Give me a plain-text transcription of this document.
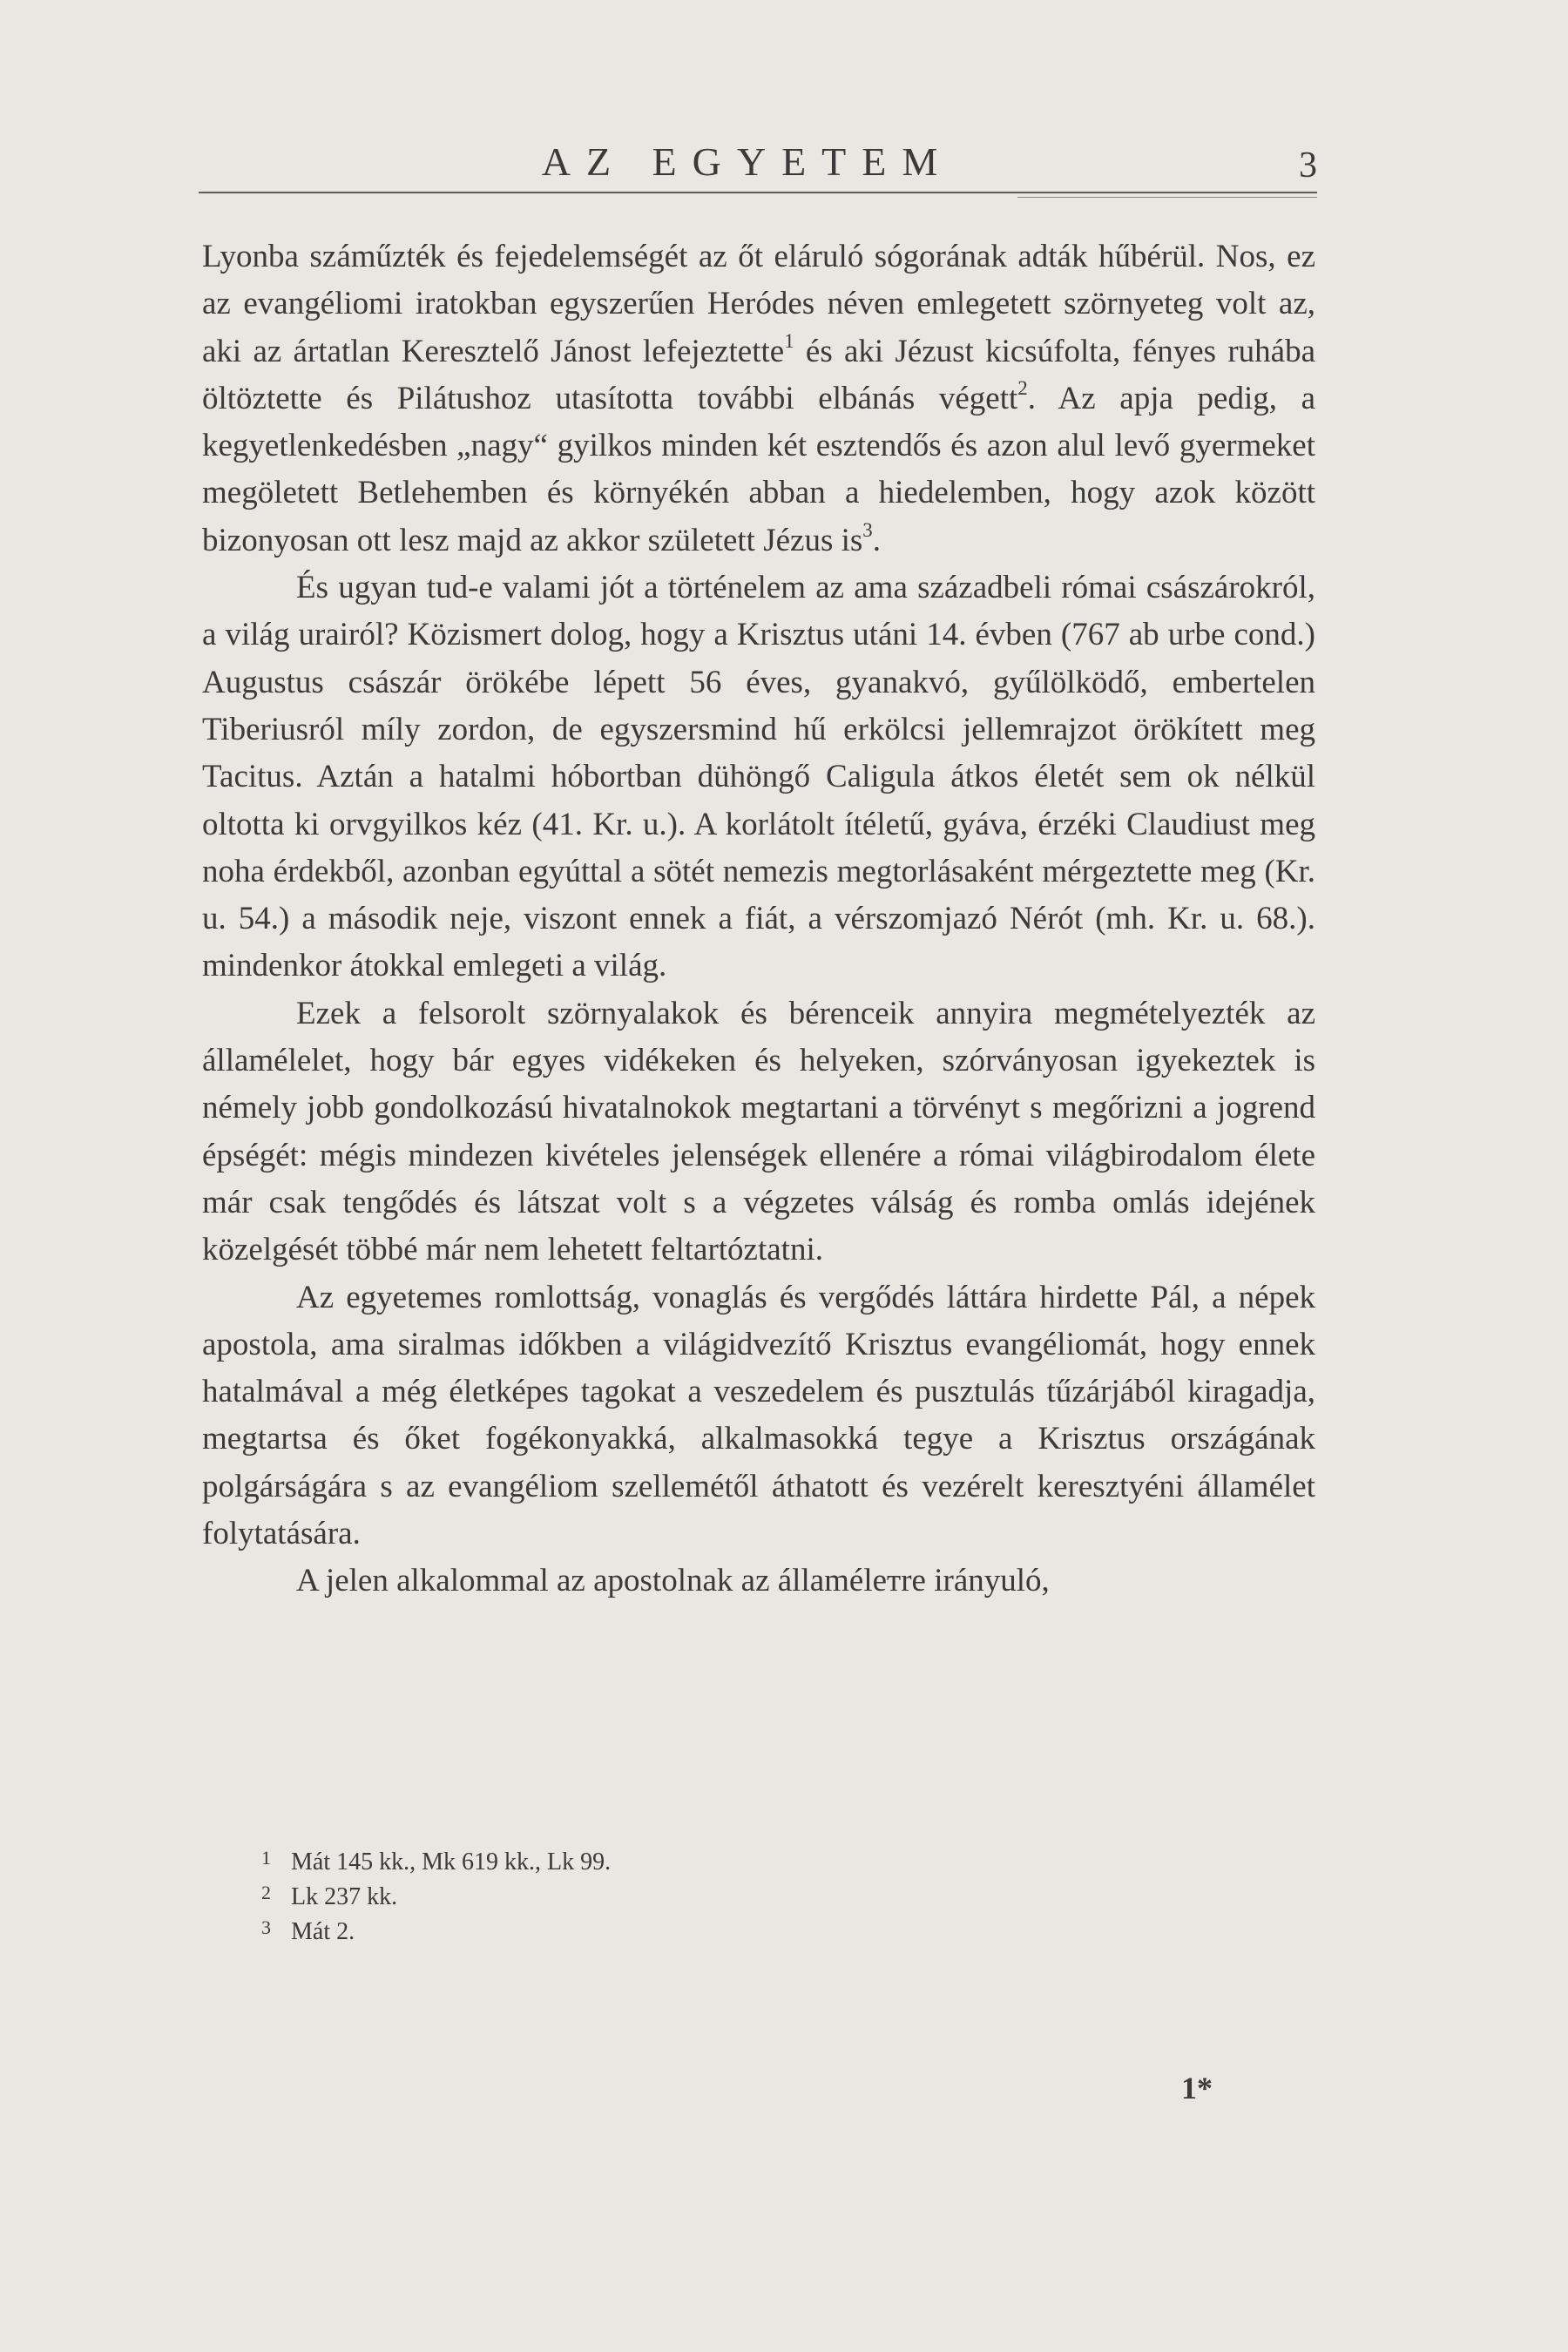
AZ EGYETEM	3

Lyonba száműzték és fejedelemségét az őt eláruló sógorának adták hűbérül. Nos, ez az evangéliomi iratokban egyszerűen Heródes néven emlegetett szörnyeteg volt az, aki az ártatlan Keresztelő Jánost lefejeztette$^1$ és aki Jézust kicsúfolta, fényes ruhába öltöztette és Pilátushoz utasította további elbánás végett$^2$. Az apja pedig, a kegyetlenkedésben „nagy“ gyilkos minden két esztendős és azon alul levő gyermeket megöletett Betlehemben és környékén abban a hiedelemben, hogy azok között bizonyosan ott lesz majd az akkor született Jézus $is^3$.

És ugyan tud-e valami jót a történelem az ama századbeli római császárokról, a világ urairól? Közismert dolog, hogy a Krisztus utáni 14. évben (767 ab urbe cond.) Augustus császár örökébe lépett 56 éves, gyanakvó, gyűlölködő, embertelen Tiberiusról míly zordon, de egyszersmind hű erkölcsi jellemrajzot örökített meg Tacitus. Aztán a hatalmi hóbortban dühöngő Caligula átkos életét sem ok nélkül oltotta ki orvgyilkos kéz (41. Kr. u.). A korlátolt ítéletű, gyáva, érzéki Claudiust meg noha érdekből, azonban egyúttal a sötét nemezis megtorlásaként mérgeztette meg (Kr. u. 54.) a második neje, viszont ennek a fiát, a vérszomjazó Nérót (mh. Kr. u. 68.). mindenkor átokkal emlegeti a világ.

Ezek a felsorolt szörnyalakok és bérenceik annyira megmételyezték az államélelet, hogy bár egyes vidékeken és helyeken, szórványosan igyekeztek is némely jobb gondolkozású hivatalnokok megtartani a törvényt s megőrizni a jogrend épségét: mégis mindezen kivételes jelenségek ellenére a római világbirodalom élete már csak tengődés és látszat volt s a végzetes válság és romba omlás idejének közelgését többé már nem lehetett feltartóztatni.

Az egyetemes romlottság, vonaglás és vergődés láttára hirdette Pál, a népek apostola, ama siralmas időkben a világidvezítő Krisztus evangéliomát, hogy ennek hatalmával a még életképes tagokat a veszedelem és pusztulás tűzárjából kiragadja, megtartsa és őket fogékonyakká, alkalmasokká tegye a Krisztus országának polgárságára s az evangéliom szellemétől áthatott és vezérelt keresztyéni államélet folytatására.

A jelen alkalommal az apostolnak az államélетre irányuló,

1 Mát 145 kk., Mk 619 kk., Lk 99.
2 Lk 237 kk.
3 Mát 2.
1*
